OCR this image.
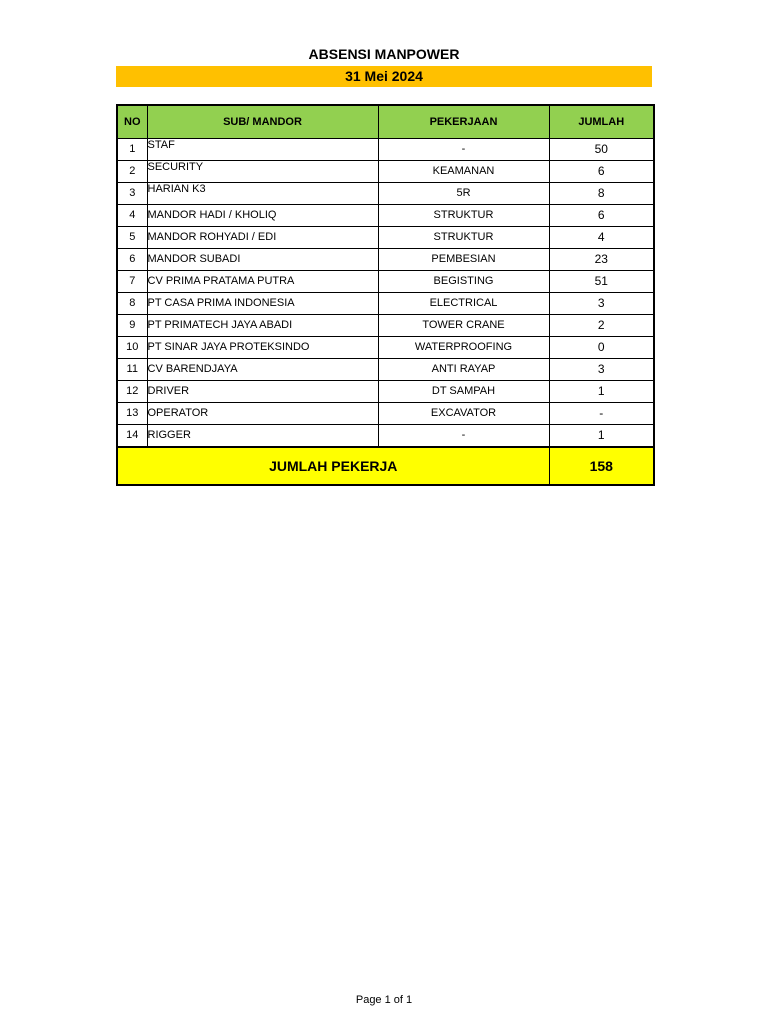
ABSENSI MANPOWER
31 Mei 2024
NO	SUB/ MANDOR	PEKERJAAN	JUMLAH
1	STAF	-	50
2	SECURITY	KEAMANAN	6
3	HARIAN K3	5R	8
4	MANDOR HADI / KHOLIQ	STRUKTUR	6
5	MANDOR ROHYADI / EDI	STRUKTUR	4
6	MANDOR SUBADI	PEMBESIAN	23
7	CV PRIMA PRATAMA PUTRA	BEGISTING	51
8	PT CASA PRIMA INDONESIA	ELECTRICAL	3
9	PT PRIMATECH JAYA ABADI	TOWER CRANE	2
10	PT SINAR JAYA PROTEKSINDO	WATERPROOFING	0
11	CV BARENDJAYA	ANTI RAYAP	3
12	DRIVER	DT SAMPAH	1
13	OPERATOR	EXCAVATOR	-
14	RIGGER	-	1
JUMLAH PEKERJA			158
Page 1 of 1
